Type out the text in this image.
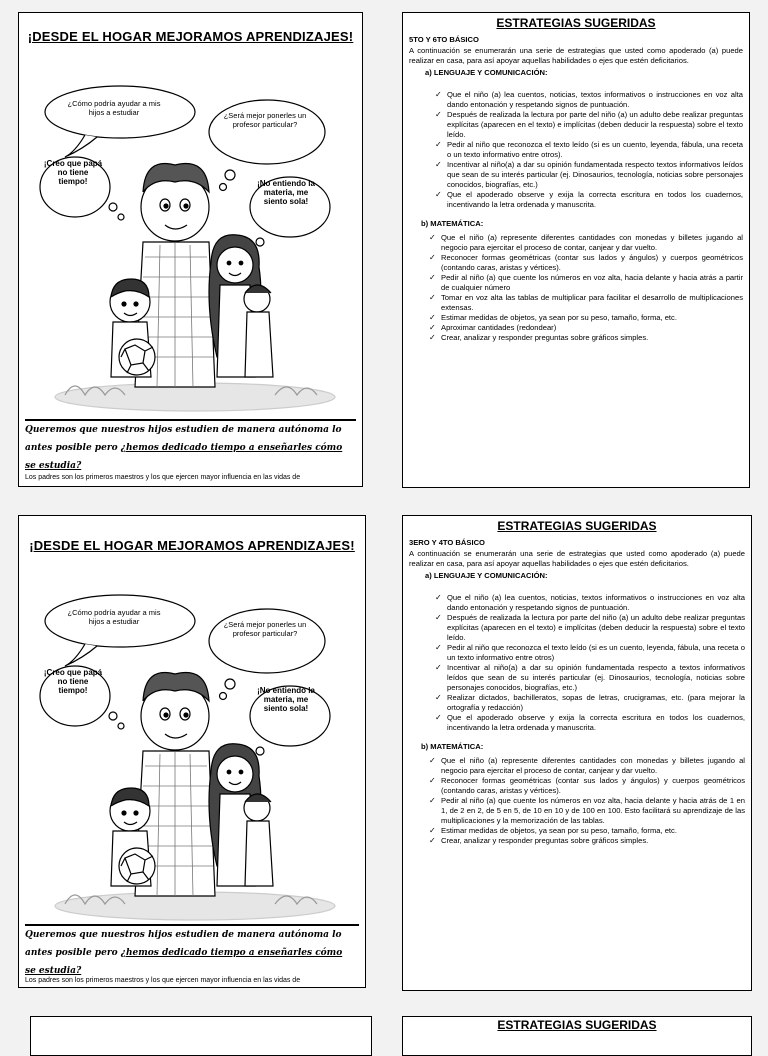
¡DESDE EL HOGAR MEJORAMOS APRENDIZAJES!
¿Cómo podría ayudar a mis hijos a estudiar	¿Será mejor ponerles un profesor particular?
¡Creo que papá no tiene tiempo!	¡No entiendo la materia, me siento sola!
Queremos que nuestros hijos estudien de manera autónoma lo antes posible pero ¿hemos dedicado tiempo a enseñarles cómo se estudia?
Los padres son los primeros maestros y los que ejercen mayor influencia en las vidas de
ESTRATEGIAS SUGERIDAS
5TO Y 6TO BÁSICO
A continuación se enumerarán una serie de estrategias que usted como apoderado (a) puede realizar en casa, para así apoyar aquellas habilidades o ejes que estén deficitarios.
a) LENGUAJE Y COMUNICACIÓN:
✓ Que el niño (a) lea cuentos, noticias, textos informativos o instrucciones en voz alta dando entonación y respetando signos de puntuación.
✓ Después de realizada la lectura por parte del niño (a) un adulto debe realizar preguntas explícitas (aparecen en el texto) e implícitas (deben deducir la respuesta) sobre el texto leído.
✓ Pedir al niño que reconozca el texto leído (si es un cuento, leyenda, fábula, una receta o un texto informativo entre otros).
✓ Incentivar al niño(a) a dar su opinión fundamentada respecto textos informativos leídos que sean de su interés particular (ej. Dinosaurios, tecnología, noticias sobre personajes conocidos, biografías, etc.)
✓ Que el apoderado observe y exija la correcta escritura en todos los cuadernos, incentivando la letra ordenada y manuscrita.
b) MATEMÁTICA:
✓ Que el niño (a) represente diferentes cantidades con monedas y billetes jugando al negocio para ejercitar el proceso de contar, canjear y dar vuelto.
✓ Reconocer formas geométricas (contar sus lados y ángulos) y cuerpos geométricos (contando caras, aristas y vértices).
✓ Pedir al niño (a) que cuente los números en voz alta, hacia delante y hacia atrás a partir de cualquier número
✓ Tomar en voz alta las tablas de multiplicar para facilitar el desarrollo de multiplicaciones extensas.
✓ Estimar medidas de objetos, ya sean por su peso, tamaño, forma, etc.
✓ Aproximar cantidades (redondear)
✓ Crear, analizar y responder preguntas sobre gráficos simples.
¡DESDE EL HOGAR MEJORAMOS APRENDIZAJES!
¿Cómo podría ayudar a mis hijos a estudiar	¿Será mejor ponerles un profesor particular?
¡Creo que papá no tiene tiempo!	¡No entiendo la materia, me siento sola!
Queremos que nuestros hijos estudien de manera autónoma lo antes posible pero ¿hemos dedicado tiempo a enseñarles cómo se estudia?
Los padres son los primeros maestros y los que ejercen mayor influencia en las vidas de
ESTRATEGIAS SUGERIDAS
3ERO Y 4TO BÁSICO
A continuación se enumerarán una serie de estrategias que usted como apoderado (a) puede realizar en casa, para así apoyar aquellas habilidades o ejes que estén deficitarios.
a) LENGUAJE Y COMUNICACIÓN:
✓ Que el niño (a) lea cuentos, noticias, textos informativos o instrucciones en voz alta dando entonación y respetando signos de puntuación.
✓ Después de realizada la lectura por parte del niño (a) un adulto debe realizar preguntas explícitas (aparecen en el texto) e implícitas (deben deducir la respuesta) sobre el texto leído.
✓ Pedir al niño que reconozca el texto leído (si es un cuento, leyenda, fábula, una receta o un texto informativo entre otros)
✓ Incentivar al niño(a) a dar su opinión fundamentada respecto a textos informativos leídos que sean de su interés particular (ej. Dinosaurios, tecnología, noticias sobre personajes conocidos, biografías, etc.)
✓ Realizar dictados, bachilleratos, sopas de letras, crucigramas, etc. (para mejorar la ortografía y redacción)
✓ Que el apoderado observe y exija la correcta escritura en todos los cuadernos, incentivando la letra ordenada y manuscrita.
b) MATEMÁTICA:
✓ Que el niño (a) represente diferentes cantidades con monedas y billetes jugando al negocio para ejercitar el proceso de contar, canjear y dar vuelto.
✓ Reconocer formas geométricas (contar sus lados y ángulos) y cuerpos geométricos (contando caras, aristas y vértices).
✓ Pedir al niño (a) que cuente los números en voz alta, hacia delante y hacia atrás de 1 en 1, de 2 en 2, de 5 en 5, de 10 en 10 y de 100 en 100. Esto facilitará su aprendizaje de las multiplicaciones y la memorización de las tablas.
✓ Estimar medidas de objetos, ya sean por su peso, tamaño, forma, etc.
✓ Crear, analizar y responder preguntas sobre gráficos simples.
ESTRATEGIAS SUGERIDAS
